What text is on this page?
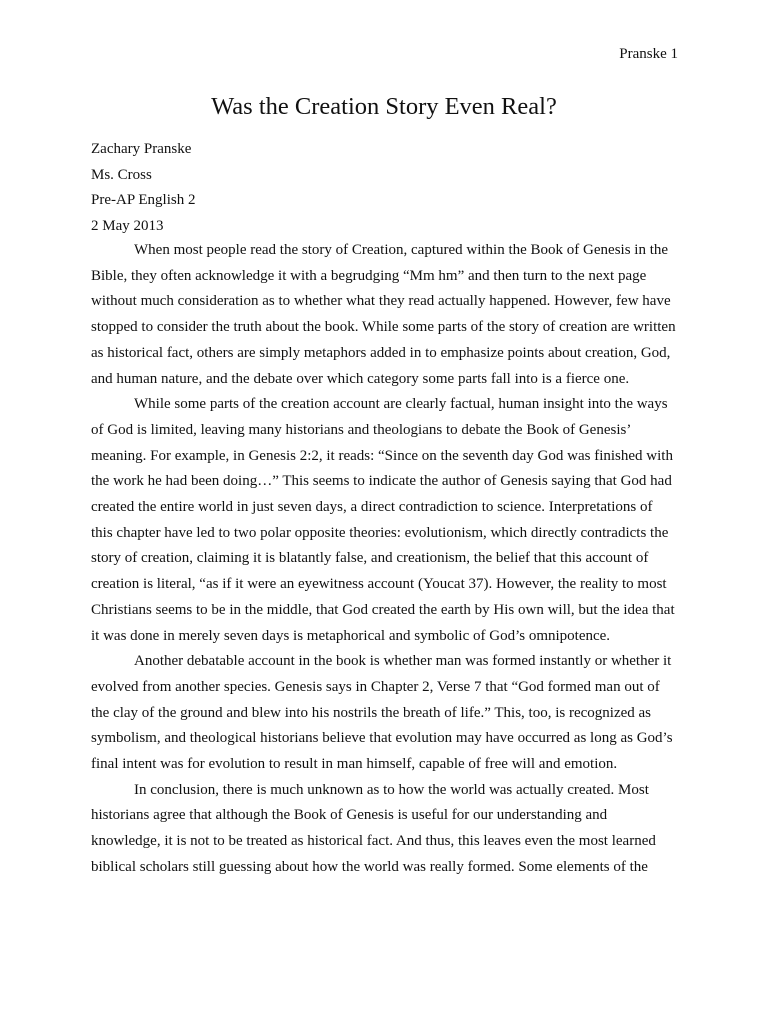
Pranske 1
Was the Creation Story Even Real?
Zachary Pranske
Ms. Cross
Pre-AP English 2
2 May 2013

When most people read the story of Creation, captured within the Book of Genesis in the
Bible, they often acknowledge it with a begrudging “Mm hm” and then turn to the next page
without much consideration as to whether what they read actually happened. However, few have
stopped to consider the truth about the book. While some parts of the story of creation are written
as historical fact, others are simply metaphors added in to emphasize points about creation, God,
and human nature, and the debate over which category some parts fall into is a fierce one.

While some parts of the creation account are clearly factual, human insight into the ways
of God is limited, leaving many historians and theologians to debate the Book of Genesis’
meaning. For example, in Genesis 2:2, it reads: “Since on the seventh day God was finished with
the work he had been doing…” This seems to indicate the author of Genesis saying that God had
created the entire world in just seven days, a direct contradiction to science. Interpretations of
this chapter have led to two polar opposite theories: evolutionism, which directly contradicts the
story of creation, claiming it is blatantly false, and creationism, the belief that this account of
creation is literal, “as if it were an eyewitness account (Youcat 37). However, the reality to most
Christians seems to be in the middle, that God created the earth by His own will, but the idea that
it was done in merely seven days is metaphorical and symbolic of God’s omnipotence.

Another debatable account in the book is whether man was formed instantly or whether it
evolved from another species. Genesis says in Chapter 2, Verse 7 that “God formed man out of
the clay of the ground and blew into his nostrils the breath of life.” This, too, is recognized as
symbolism, and theological historians believe that evolution may have occurred as long as God’s
final intent was for evolution to result in man himself, capable of free will and emotion.

In conclusion, there is much unknown as to how the world was actually created. Most
historians agree that although the Book of Genesis is useful for our understanding and
knowledge, it is not to be treated as historical fact. And thus, this leaves even the most learned
biblical scholars still guessing about how the world was really formed. Some elements of the
